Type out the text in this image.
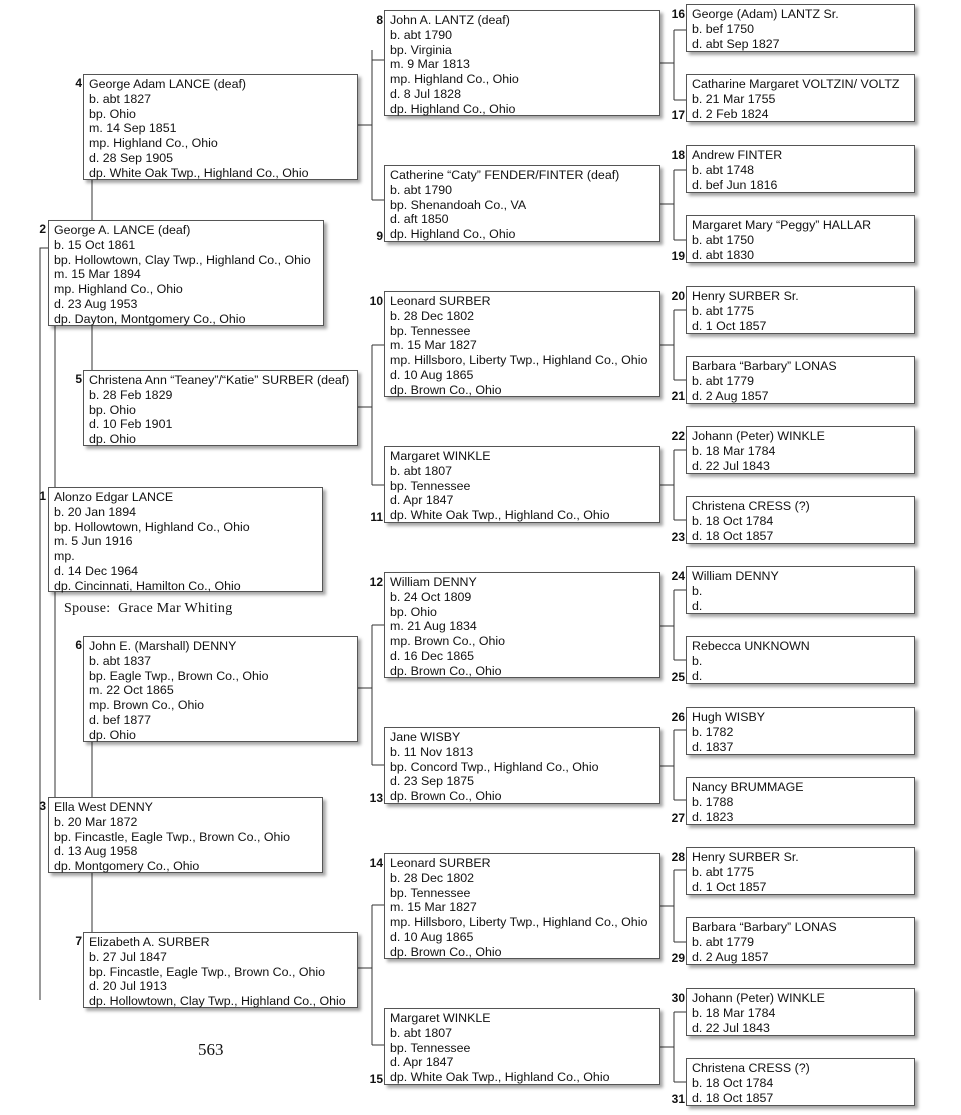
1 Alonzo Edgar LANCE
b. 20 Jan 1894
bp. Hollowtown, Highland Co., Ohio
m. 5 Jun 1916
mp.
d. 14 Dec 1964
dp. Cincinnati, Hamilton Co., Ohio
Spouse: Grace Mar Whiting
2 George A. LANCE (deaf)
b. 15 Oct 1861
bp. Hollowtown, Clay Twp., Highland Co., Ohio
m. 15 Mar 1894
mp. Highland Co., Ohio
d. 23 Aug 1953
dp. Dayton, Montgomery Co., Ohio
3 Ella West DENNY
b. 20 Mar 1872
bp. Fincastle, Eagle Twp., Brown Co., Ohio
d. 13 Aug 1958
dp. Montgomery Co., Ohio
4 George Adam LANCE (deaf)
b. abt 1827
bp. Ohio
m. 14 Sep 1851
mp. Highland Co., Ohio
d. 28 Sep 1905
dp. White Oak Twp., Highland Co., Ohio
5 Christena Ann “Teaney”/“Katie” SURBER (deaf)
b. 28 Feb 1829
bp. Ohio
d. 10 Feb 1901
dp. Ohio
6 John E. (Marshall) DENNY
b. abt 1837
bp. Eagle Twp., Brown Co., Ohio
m. 22 Oct 1865
mp. Brown Co., Ohio
d. bef 1877
dp. Ohio
7 Elizabeth A. SURBER
b. 27 Jul 1847
bp. Fincastle, Eagle Twp., Brown Co., Ohio
d. 20 Jul 1913
dp. Hollowtown, Clay Twp., Highland Co., Ohio
8 John A. LANTZ (deaf)
b. abt 1790
bp. Virginia
m. 9 Mar 1813
mp. Highland Co., Ohio
d. 8 Jul 1828
dp. Highland Co., Ohio
9
Catherine “Caty” FENDER/FINTER (deaf)
b. abt 1790
bp. Shenandoah Co., VA
d. aft 1850
dp. Highland Co., Ohio
10 Leonard SURBER
b. 28 Dec 1802
bp. Tennessee
m. 15 Mar 1827
mp. Hillsboro, Liberty Twp., Highland Co., Ohio
d. 10 Aug 1865
dp. Brown Co., Ohio
11
Margaret WINKLE
b. abt 1807
bp. Tennessee
d. Apr 1847
dp. White Oak Twp., Highland Co., Ohio
12 William DENNY
b. 24 Oct 1809
bp. Ohio
m. 21 Aug 1834
mp. Brown Co., Ohio
d. 16 Dec 1865
dp. Brown Co., Ohio
13
Jane WISBY
b. 11 Nov 1813
bp. Concord Twp., Highland Co., Ohio
d. 23 Sep 1875
dp. Brown Co., Ohio
14 Leonard SURBER
b. 28 Dec 1802
bp. Tennessee
m. 15 Mar 1827
mp. Hillsboro, Liberty Twp., Highland Co., Ohio
d. 10 Aug 1865
dp. Brown Co., Ohio
15
Margaret WINKLE
b. abt 1807
bp. Tennessee
d. Apr 1847
dp. White Oak Twp., Highland Co., Ohio
16 George (Adam) LANTZ Sr.
b. bef 1750
d. abt Sep 1827
17
Catharine Margaret VOLTZIN/ VOLTZ
b. 21 Mar 1755
d. 2 Feb 1824
18 Andrew FINTER
b. abt 1748
d. bef Jun 1816
19
Margaret Mary “Peggy” HALLAR
b. abt 1750
d. abt 1830
20 Henry SURBER Sr.
b. abt 1775
d. 1 Oct 1857
21
Barbara “Barbary” LONAS
b. abt 1779
d. 2 Aug 1857
22 Johann (Peter) WINKLE
b. 18 Mar 1784
d. 22 Jul 1843
23
Christena CRESS (?)
b. 18 Oct 1784
d. 18 Oct 1857
24 William DENNY
b.
d.
25
Rebecca UNKNOWN
b.
d.
26 Hugh WISBY
b. 1782
d. 1837
27
Nancy BRUMMAGE
b. 1788
d. 1823
28 Henry SURBER Sr.
b. abt 1775
d. 1 Oct 1857
29
Barbara “Barbary” LONAS
b. abt 1779
d. 2 Aug 1857
30 Johann (Peter) WINKLE
b. 18 Mar 1784
d. 22 Jul 1843
31
Christena CRESS (?)
b. 18 Oct 1784
d. 18 Oct 1857
563
